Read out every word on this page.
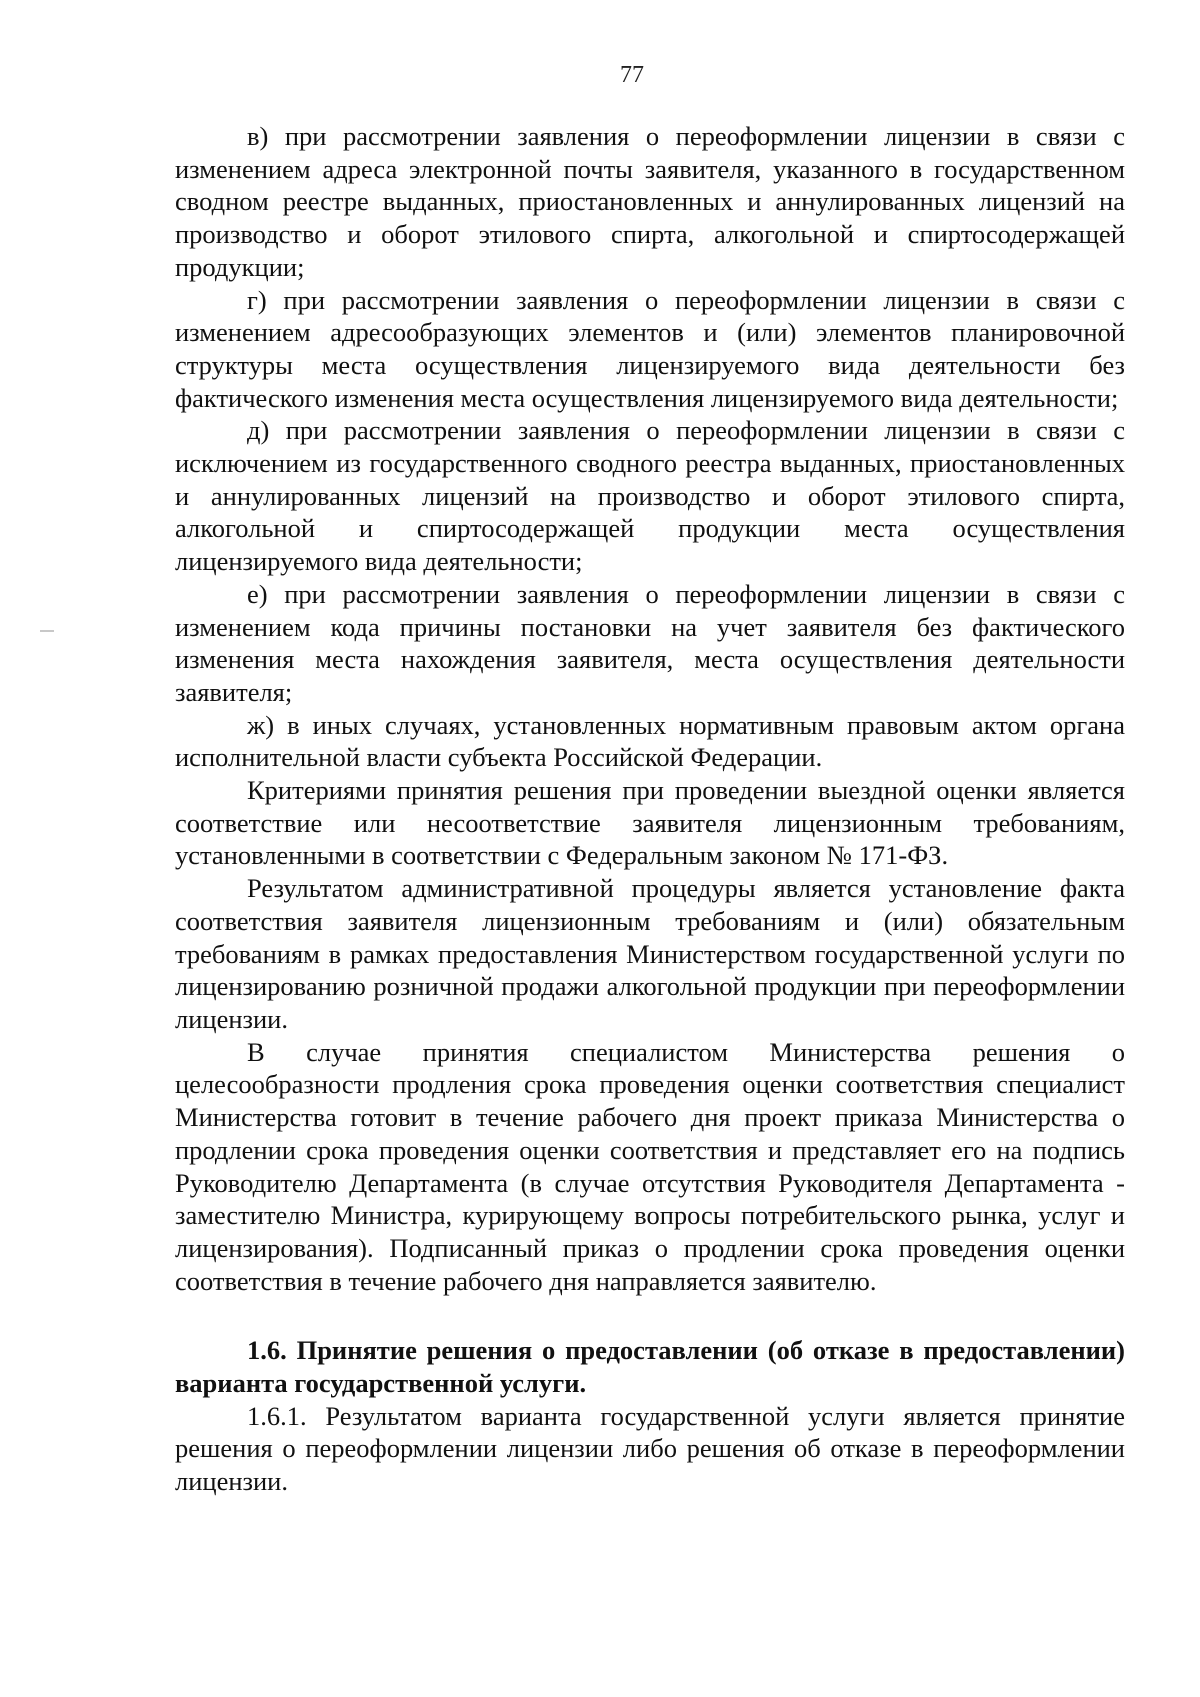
77

в) при рассмотрении заявления о переоформлении лицензии в связи с изменением адреса электронной почты заявителя, указанного в государственном сводном реестре выданных, приостановленных и аннулированных лицензий на производство и оборот этилового спирта, алкогольной и спиртосодержащей продукции;

г) при рассмотрении заявления о переоформлении лицензии в связи с изменением адресообразующих элементов и (или) элементов планировочной структуры места осуществления лицензируемого вида деятельности без фактического изменения места осуществления лицензируемого вида деятельности;

д) при рассмотрении заявления о переоформлении лицензии в связи с исключением из государственного сводного реестра выданных, приостановленных и аннулированных лицензий на производство и оборот этилового спирта, алкогольной и спиртосодержащей продукции места осуществления лицензируемого вида деятельности;

е) при рассмотрении заявления о переоформлении лицензии в связи с изменением кода причины постановки на учет заявителя без фактического изменения места нахождения заявителя, места осуществления деятельности заявителя;

ж) в иных случаях, установленных нормативным правовым актом органа исполнительной власти субъекта Российской Федерации.

Критериями принятия решения при проведении выездной оценки является соответствие или несоответствие заявителя лицензионным требованиям, установленными в соответствии с Федеральным законом № 171-ФЗ.

Результатом административной процедуры является установление факта соответствия заявителя лицензионным требованиям и (или) обязательным требованиям в рамках предоставления Министерством государственной услуги по лицензированию розничной продажи алкогольной продукции при переоформлении лицензии.

В случае принятия специалистом Министерства решения о целесообразности продления срока проведения оценки соответствия специалист Министерства готовит в течение рабочего дня проект приказа Министерства о продлении срока проведения оценки соответствия и представляет его на подпись Руководителю Департамента (в случае отсутствия Руководителя Департамента - заместителю Министра, курирующему вопросы потребительского рынка, услуг и лицензирования). Подписанный приказ о продлении срока проведения оценки соответствия в течение рабочего дня направляется заявителю.

1.6. Принятие решения о предоставлении (об отказе в предоставлении) варианта государственной услуги.

1.6.1. Результатом варианта государственной услуги является принятие решения о переоформлении лицензии либо решения об отказе в переоформлении лицензии.
